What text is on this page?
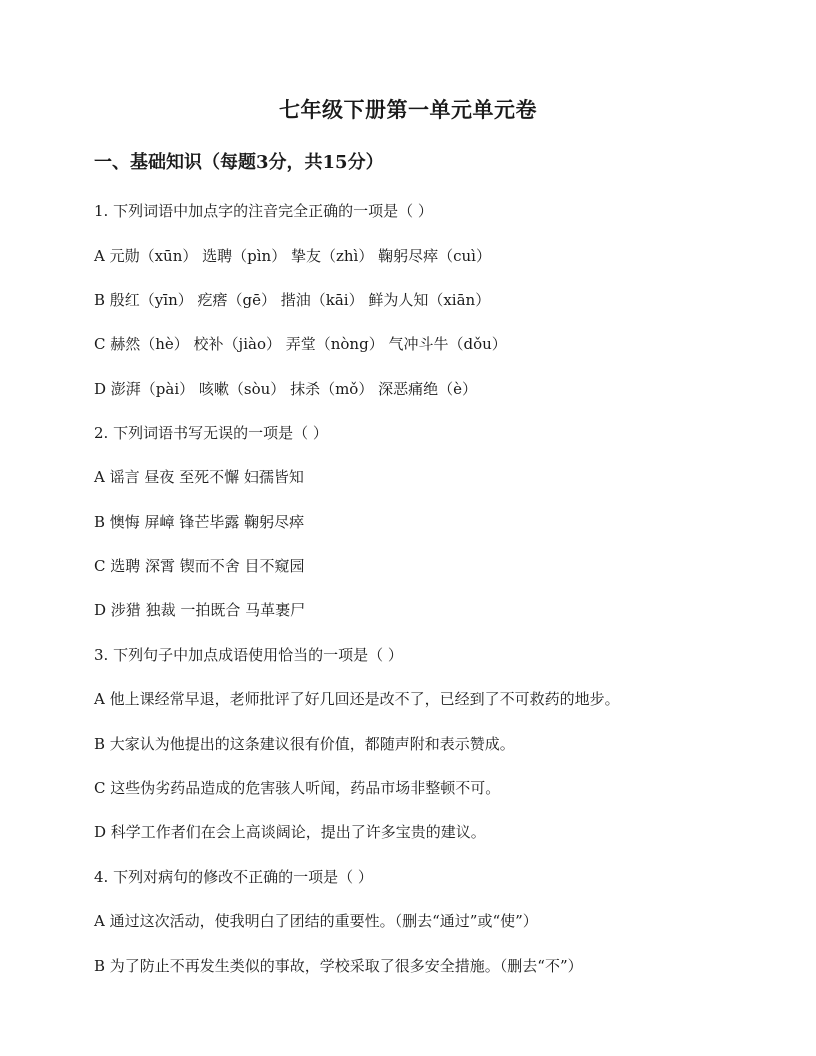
七年级下册第一单元单元卷
一、基础知识（每题3分，共15分）
1. 下列词语中加点字的注音完全正确的一项是（ ）
A 元勋（xūn） 选聘（pìn） 挚友（zhì） 鞠躬尽瘁（cuì）
B 殷红（yīn） 疙瘩（gē） 揩油（kāi） 鲜为人知（xiān）
C 赫然（hè） 校补（jiào） 弄堂（nòng） 气冲斗牛（dǒu）
D 澎湃（pài） 咳嗽（sòu） 抹杀（mǒ） 深恶痛绝（è）
2. 下列词语书写无误的一项是（ ）
A 谣言 昼夜 至死不懈 妇孺皆知
B 懊悔 屏嶂 锋芒毕露 鞠躬尽瘁
C 选聘 深霄 锲而不舍 目不窥园
D 涉猎 独裁 一拍既合 马革裹尸
3. 下列句子中加点成语使用恰当的一项是（ ）
A 他上课经常早退，老师批评了好几回还是改不了，已经到了不可救药的地步。
B 大家认为他提出的这条建议很有价值，都随声附和表示赞成。
C 这些伪劣药品造成的危害骇人听闻，药品市场非整顿不可。
D 科学工作者们在会上高谈阔论，提出了许多宝贵的建议。
4. 下列对病句的修改不正确的一项是（ ）
A 通过这次活动，使我明白了团结的重要性。（删去“通过”或“使”）
B 为了防止不再发生类似的事故，学校采取了很多安全措施。（删去“不”）
